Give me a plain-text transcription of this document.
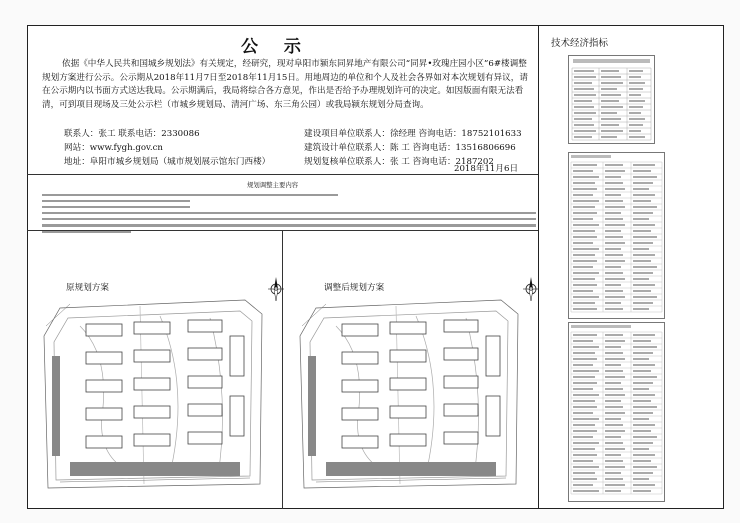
公 示	技术经济指标
依据《中华人民共和国城乡规划法》有关规定，经研究，现对阜阳市颍东同昇地产有限公司“同昇•玫瑰庄园小区”6#楼调整规划方案进行公示。公示期从2018年11月7日至2018年11月15日。用地周边的单位和个人及社会各界如对本次规划有异议，请在公示期内以书面方式送达我局。公示期满后，我局将综合各方意见，作出是否给予办理规划许可的决定。如因版面有限无法看清，可到项目现场及三处公示栏（市城乡规划局、清河广场、东三角公园）或我局颍东规划分局查询。
联系人：张工 联系电话：2330086
网站：www.fygh.gov.cn
地址：阜阳市城乡规划局（城市规划展示馆东门西楼）
建设项目单位联系人：徐经理 咨询电话：18752101633
建筑设计单位联系人：陈 工 咨询电话：13516806696
规划复核单位联系人：张 工 咨询电话：2187202
2018年11月6日
规划调整主要内容
原规划方案	调整后规划方案
